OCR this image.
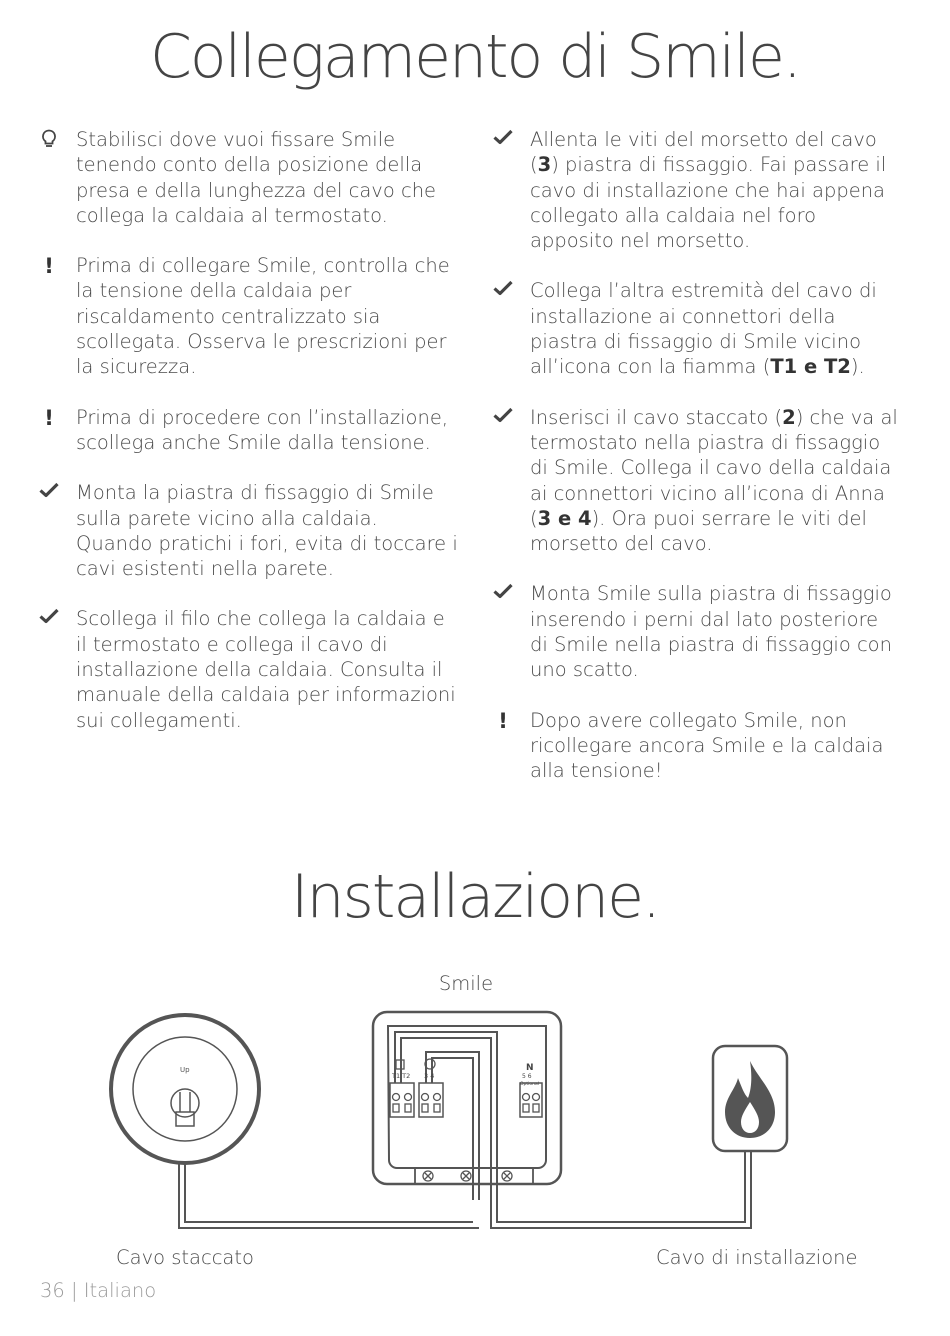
Collegamento di Smile.
Stabilisci dove vuoi fissare Smile tenendo conto della posizione della presa e della lunghezza del cavo che collega la caldaia al termostato.
! Prima di collegare Smile, controlla che la tensione della caldaia per riscaldamento centralizzato sia scollegata. Osserva le prescrizioni per la sicurezza.
! Prima di procedere con l’installazione, scollega anche Smile dalla tensione.
Monta la piastra di fissaggio di Smile sulla parete vicino alla caldaia. Quando pratichi i fori, evita di toccare i cavi esistenti nella parete.
Scollega il filo che collega la caldaia e il termostato e collega il cavo di installazione della caldaia. Consulta il manuale della caldaia per informazioni sui collegamenti.
Allenta le viti del morsetto del cavo (3) piastra di fissaggio. Fai passare il cavo di installazione che hai appena collegato alla caldaia nel foro apposito nel morsetto.
Collega l’altra estremità del cavo di installazione ai connettori della piastra di fissaggio di Smile vicino all’icona con la fiamma (T1 e T2).
Inserisci il cavo staccato (2) che va al termostato nella piastra di fissaggio di Smile. Collega il cavo della caldaia ai connettori vicino all’icona di Anna (3 e 4). Ora puoi serrare le viti del morsetto del cavo.
Monta Smile sulla piastra di fissaggio inserendo i perni dal lato posteriore di Smile nella piastra di fissaggio con uno scatto.
! Dopo avere collegato Smile, non ricollegare ancora Smile e la caldaia alla tensione!
Installazione.
Smile
T1 T2 3 4
N
5 6
Optional
Up
Cavo staccato	Cavo di installazione
36 | Italiano
